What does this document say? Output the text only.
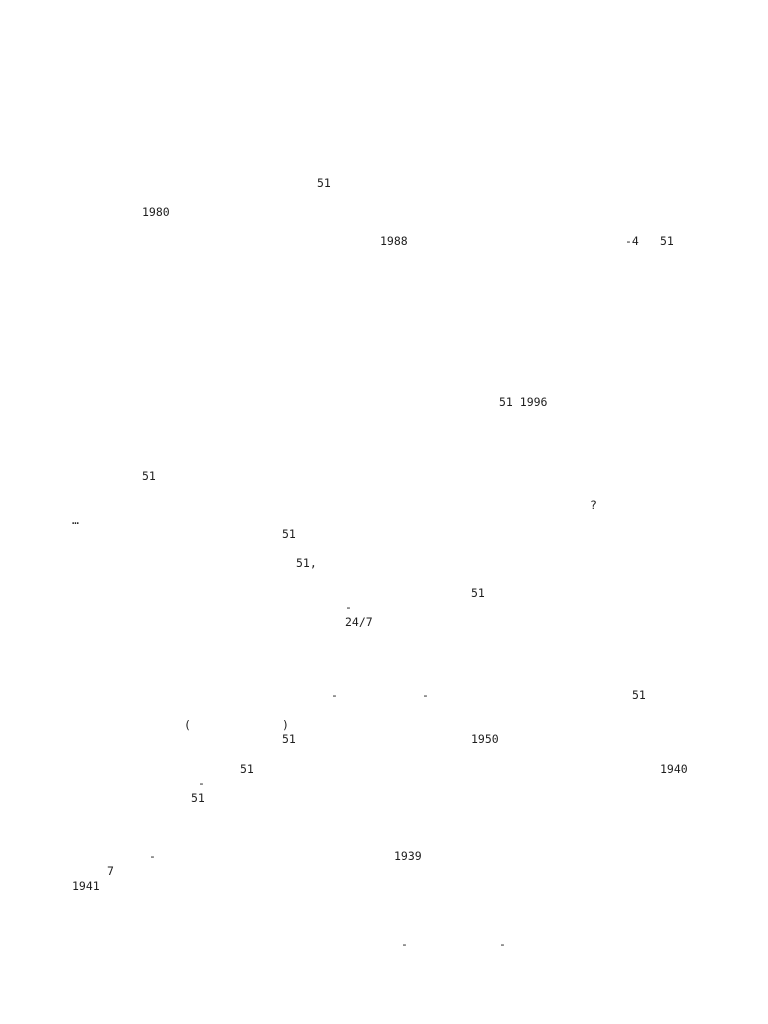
51
1980
1988	-4 51
51 1996
51
?
…
51
51,
51
-
24/7
-	-	51
(	)
51	1950
51	1940
-
51
-	1939
7
1941
-	-
